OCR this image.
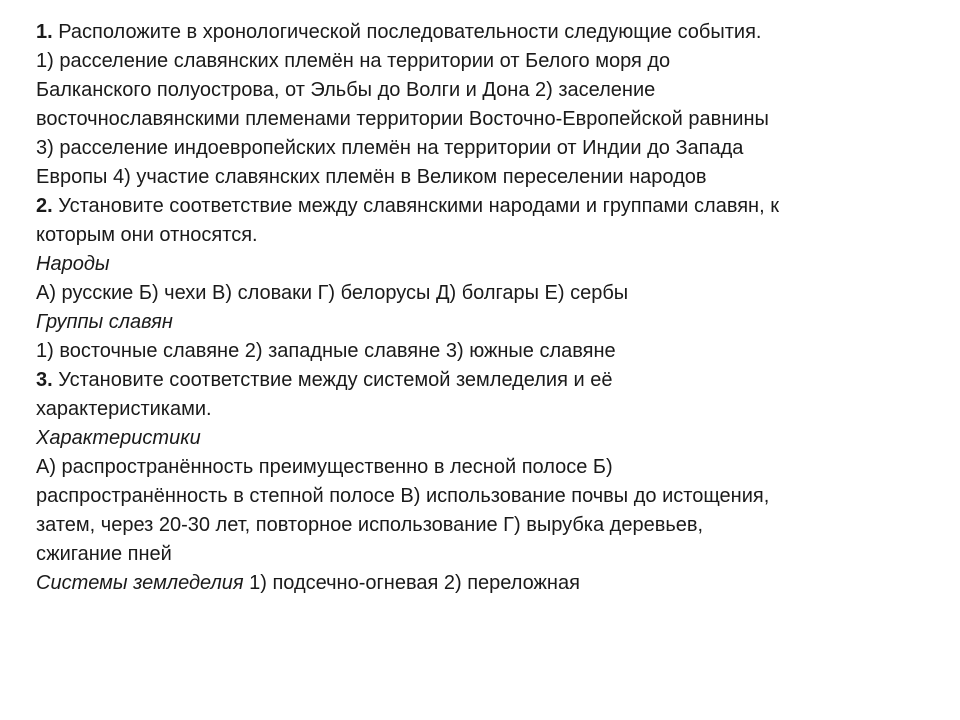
1. Расположите в хронологической последовательности следующие события.
1) расселение славянских племён на территории от Белого моря до
Балканского полуострова, от Эльбы до Волги и Дона 2) заселение
восточнославянскими племенами территории Восточно-Европейской равнины
3) расселение индоевропейских племён на территории от Индии до Запада
Европы 4) участие славянских племён в Великом переселении народов
2. Установите соответствие между славянскими народами и группами славян, к
которым они относятся.
Народы
А) русские Б) чехи В) словаки Г) белорусы Д) болгары Е) сербы
Группы славян
1) восточные славяне 2) западные славяне 3) южные славяне
3. Установите соответствие между системой земледелия и её
характеристиками.
Характеристики
А) распространённость преимущественно в лесной полосе Б)
распространённость в степной полосе В) использование почвы до истощения,
затем, через 20-30 лет, повторное использование Г) вырубка деревьев,
сжигание пней
Системы земледелия 1) подсечно-огневая 2) переложная
